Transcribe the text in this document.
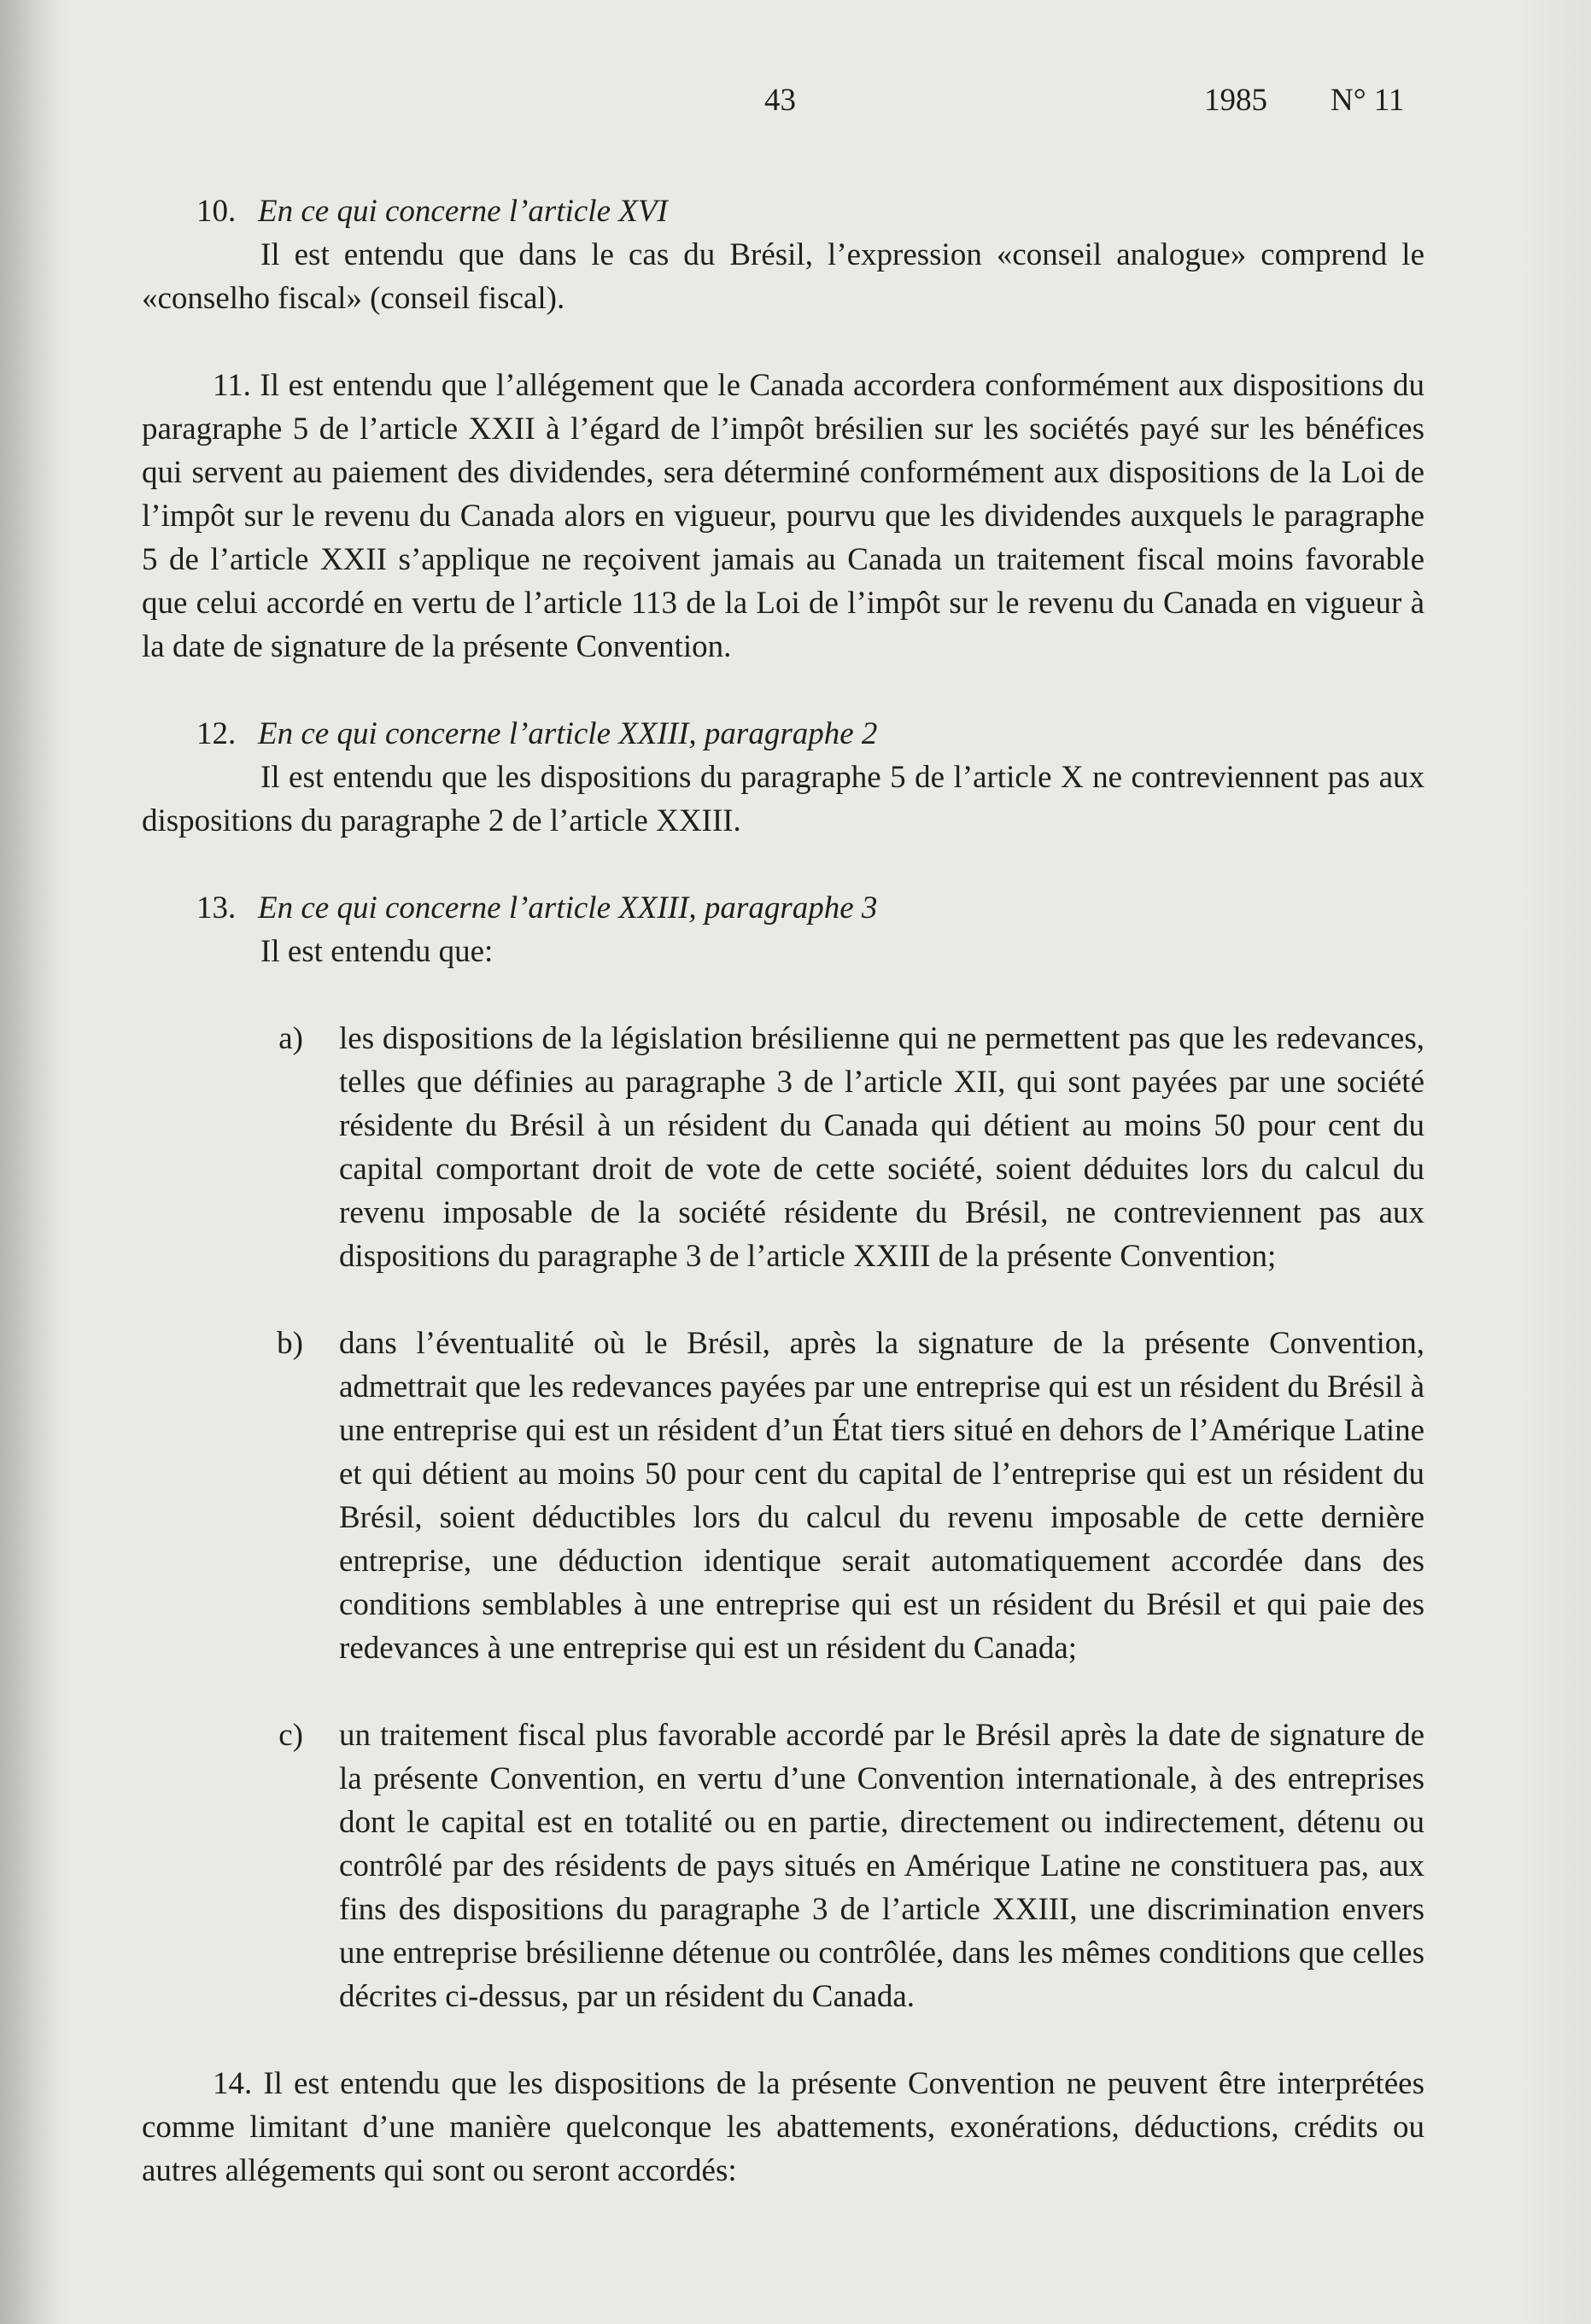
43	1985 N° 11
10. En ce qui concerne l’article XVI

Il est entendu que dans le cas du Brésil, l’expression «conseil analogue» comprend le «conselho fiscal» (conseil fiscal).

11. Il est entendu que l’allégement que le Canada accordera conformément aux dispositions du paragraphe 5 de l’article XXII à l’égard de l’impôt brésilien sur les sociétés payé sur les bénéfices qui servent au paiement des dividendes, sera déterminé conformément aux dispositions de la Loi de l’impôt sur le revenu du Canada alors en vigueur, pourvu que les dividendes auxquels le paragraphe 5 de l’article XXII s’applique ne reçoivent jamais au Canada un traitement fiscal moins favorable que celui accordé en vertu de l’article 113 de la Loi de l’impôt sur le revenu du Canada en vigueur à la date de signature de la présente Convention.

12. En ce qui concerne l’article XXIII, paragraphe 2

Il est entendu que les dispositions du paragraphe 5 de l’article X ne contreviennent pas aux dispositions du paragraphe 2 de l’article XXIII.

13. En ce qui concerne l’article XXIII, paragraphe 3
Il est entendu que:
a)	les dispositions de la législation brésilienne qui ne permettent pas que les redevances, telles que définies au paragraphe 3 de l’article XII, qui sont payées par une société résidente du Brésil à un résident du Canada qui détient au moins 50 pour cent du capital comportant droit de vote de cette société, soient déduites lors du calcul du revenu imposable de la société résidente du Brésil, ne contreviennent pas aux dispositions du paragraphe 3 de l’article XXIII de la présente Convention;

b)	dans l’éventualité où le Brésil, après la signature de la présente Convention, admettrait que les redevances payées par une entreprise qui est un résident du Brésil à une entreprise qui est un résident d’un État tiers situé en dehors de l’Amérique Latine et qui détient au moins 50 pour cent du capital de l’entreprise qui est un résident du Brésil, soient déductibles lors du calcul du revenu imposable de cette dernière entreprise, une déduction identique serait automatiquement accordée dans des conditions semblables à une entreprise qui est un résident du Brésil et qui paie des redevances à une entreprise qui est un résident du Canada;

c)	un traitement fiscal plus favorable accordé par le Brésil après la date de signature de la présente Convention, en vertu d’une Convention internationale, à des entreprises dont le capital est en totalité ou en partie, directement ou indirectement, détenu ou contrôlé par des résidents de pays situés en Amérique Latine ne constituera pas, aux fins des dispositions du paragraphe 3 de l’article XXIII, une discrimination envers une entreprise brésilienne détenue ou contrôlée, dans les mêmes conditions que celles décrites ci-dessus, par un résident du Canada.

14. Il est entendu que les dispositions de la présente Convention ne peuvent être interprétées comme limitant d’une manière quelconque les abattements, exonérations, déductions, crédits ou autres allégements qui sont ou seront accordés:
